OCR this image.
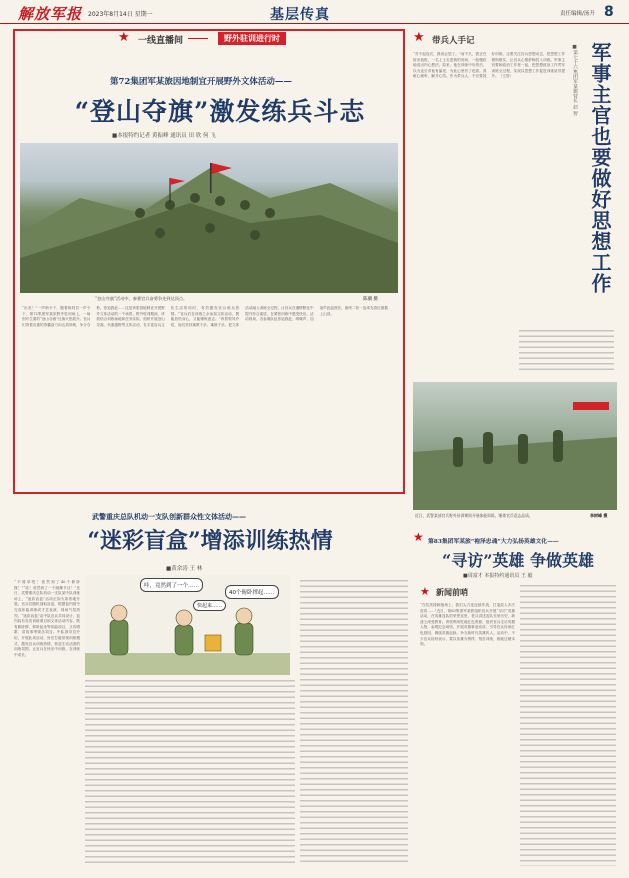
解放军报 2023年8月14日 星期一	基层传真	责任编辑/汤升 8
★ 一线直播间	野外驻训进行时
第72集团军某旅因地制宜开展野外文体活动——
“登山夺旗”激发练兵斗志
■本报特约记者 黄振峰 通讯员 田 欣 何 飞
“登山夺旗”活动中，参赛官兵奋勇争先到达顶点。	陈潮 摄
“出发！”一声哨令下，随着裁判员一声令下，第72集团军某旅野外驻训场上，一场别开生面的“登山夺旗”比赛火热展开。官兵们背着沉重的背囊奋力向山顶冲刺，争分夺秒，你追我赶……这是该旅因地制宜开展野外文体活动的一个场景。野外驻训期间，该旅结合训练场地和任务实际，组织开展登山夺旗、负重越野等文体活动，在丰富官兵文化生活的同时，有效激发官兵练兵热情。“官兵们在训练之余参加文体活动，既能放松身心，又能锤炼意志。”该旅领导介绍，他们坚持寓教于乐、寓练于乐，把文体活动融入训练全过程，让官兵在潜移默化中提升综合素质，在紧张训练中感受快乐。活动现场，各参赛队伍你追我赶，呐喊声、加油声此起彼伏，最终二营一连率先将红旗插上山顶。
★ 带兵人手记
军事主官也要做好思想工作
■第七十六集团军某旅营长 赵 智
“对不起连长，我误会您了。”前不久，我正在宿舍值班，一名上士走进我的房间，一脸愧疚地说出内心想法。原来，他在训练中负伤后，以为连长对他有偏见，为此心里有了疙瘩。我耐心倾听、解开心结。作为带兵人，不仅要抓好训练，还要关注官兵思想动态，把思想工作做细做实，让官兵心情舒畅投入训练。军事主官要和政治工作者一起，把思想政治工作贯穿训练全过程，实现以思想工作促进训练质效提升。（王智）
近日，武警某部官兵野外驻训期间开展体能训练，锤炼官兵意志品质。	李树峰 摄
武警重庆总队机动一支队创新群众性文体活动——
“迷彩盲盒”增添训练热情
■黄余涛 王 林
哇，竟然到了一个……
40个俯卧撑起……
快起来……
“不简单吧！竟然到了40个俯卧撑！”“哇！竟然到了一个跳舞节目！”近日，武警重庆总队机动一支队某中队训练场上，“迷彩盲盒”活动正如火如荼地开展。官兵们随机抽取盲盒，根据盒内指令完成体能训练或才艺表演，现场气氛热烈。“迷彩盲盒”由中队官兵共同设计，盒内装有各类训练课目和文体活动内容，既有俯卧撑、仰卧起坐等体能项目，又有唱歌、讲故事等娱乐项目。中队指导员介绍，开展此项活动，旨在打破常规训练模式，激发官兵训练热情，营造生动活泼的训练氛围，让官兵在快乐中训练、在训练中成长。
★ 第83集团军某旅“袍泽忠魂”大力弘扬英雄文化——
“寻访”英雄 争做英雄
■周富才 本报特约通讯员 王 毅
★ 新闻前哨
“在抗美援朝战场上，我们尖刀连连续作战，打退敌人多次进攻……”近日，第83集团军某旅组织官兵开展“寻访”英雄活动，在英雄连队的荣誉室里，老兵讲述连队光荣历史，新战士深受教育。该旅利用驻地红色资源，组织官兵走访英模人物，参观纪念场馆，开展英雄事迹宣讲，引导官兵传承红色基因，赓续英雄血脉，争当新时代英雄传人。活动中，不少官兵纷纷表示，要以英雄为榜样，刻苦训练，练就过硬本领。
